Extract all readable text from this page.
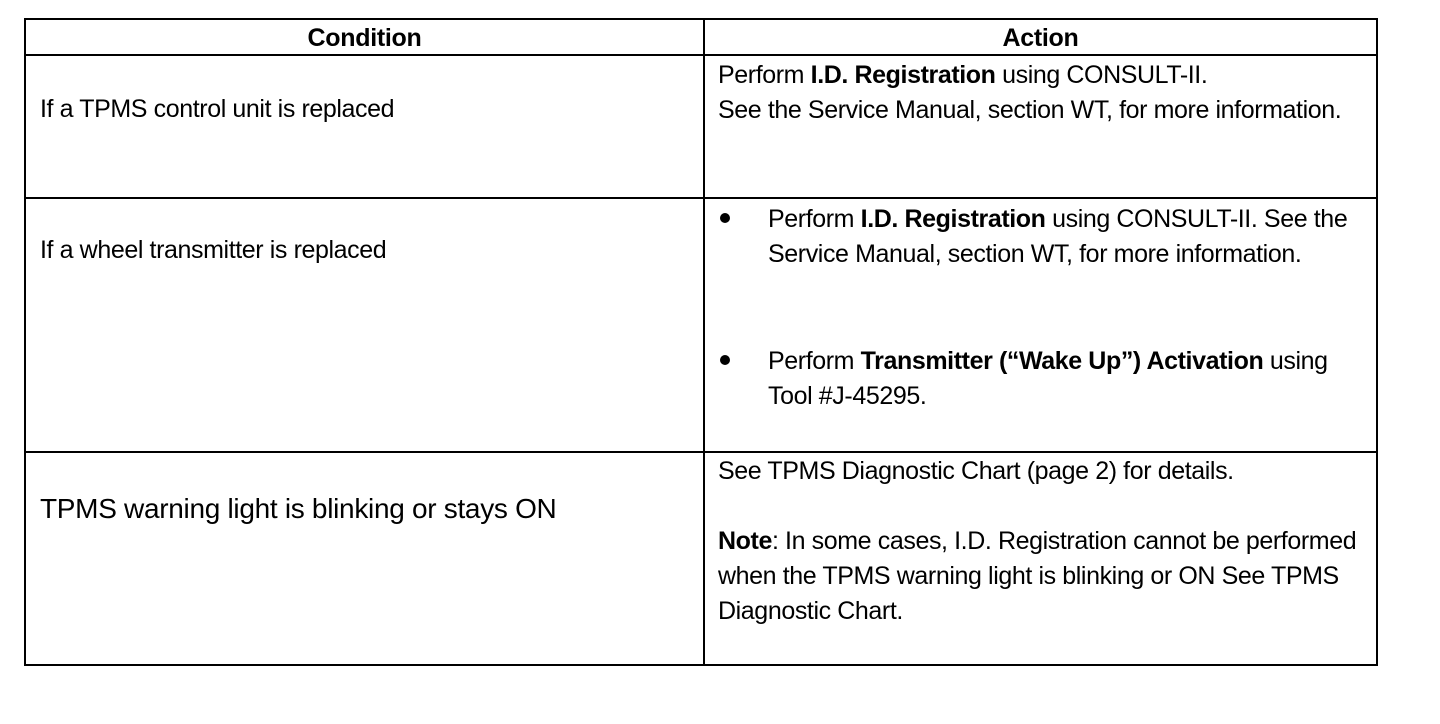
Condition	Action
If a TPMS control unit is replaced
Perform I.D. Registration using CONSULT-II.
See the Service Manual, section WT, for more information.
If a wheel transmitter is replaced
Perform I.D. Registration using CONSULT-II. See the Service Manual, section WT, for more information.
Perform Transmitter (“Wake Up”) Activation using Tool #J-45295.
TPMS warning light is blinking or stays ON
See TPMS Diagnostic Chart (page 2) for details.
Note: In some cases, I.D. Registration cannot be performed when the TPMS warning light is blinking or ON See TPMS Diagnostic Chart.
